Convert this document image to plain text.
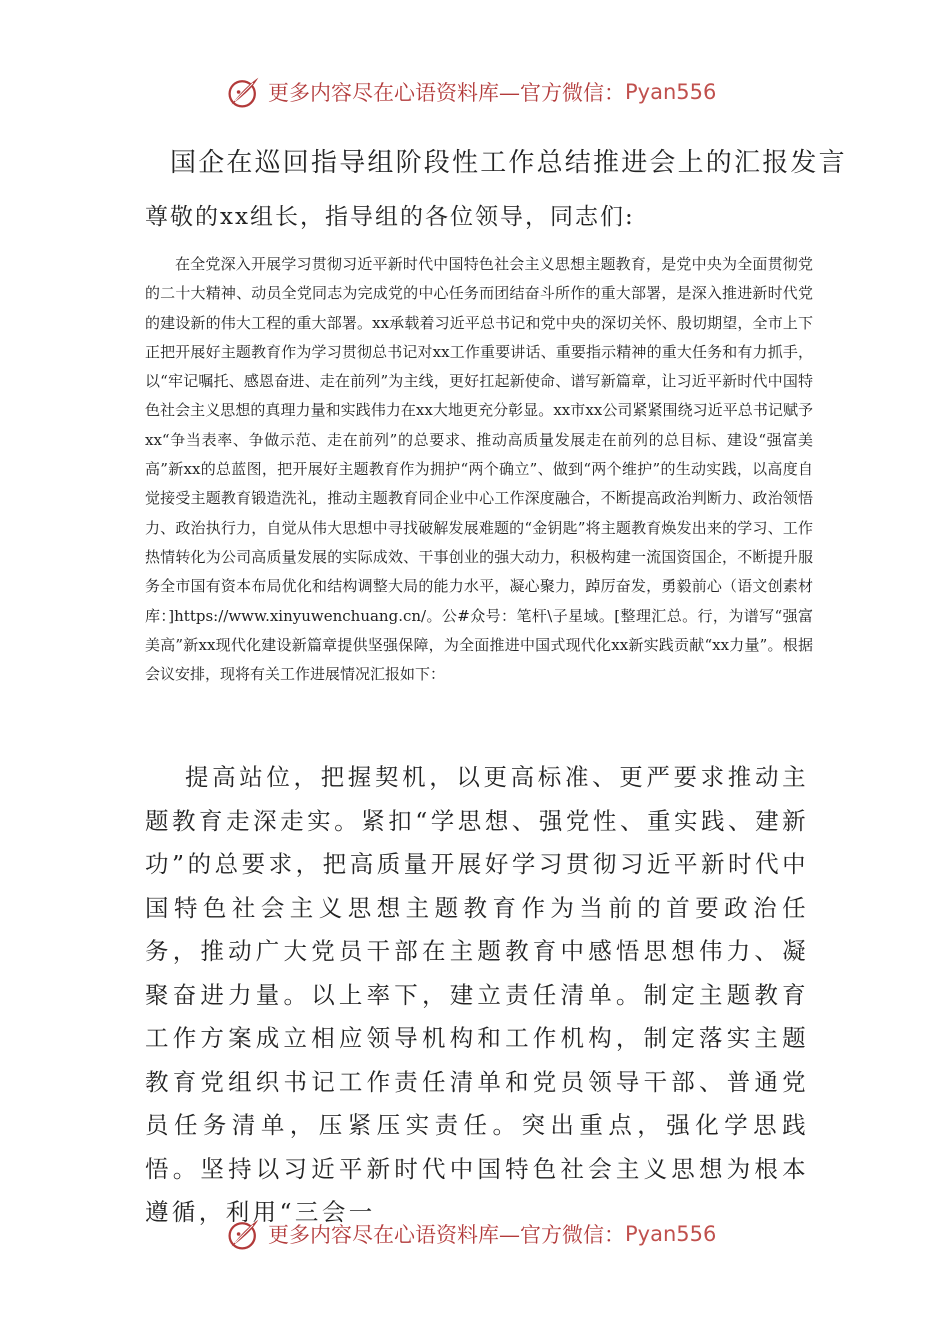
更多内容尽在心语资料库—官方微信： Pyan556
国企在巡回指导组阶段性工作总结推进会上的汇报发言
尊敬的xx组长，指导组的各位领导，同志们:

在全党深入开展学习贯彻习近平新时代中国特色社会主义思想主题教育，是党中央为全面贯彻党的二十大精神、动员全党同志为完成党的中心任务而团结奋斗所作的重大部署，是深入推进新时代党的建设新的伟大工程的重大部署。xx承载着习近平总书记和党中央的深切关怀、殷切期望，全市上下正把开展好主题教育作为学习贯彻总书记对xx工作重要讲话、重要指示精神的重大任务和有力抓手，以“牢记嘱托、感恩奋进、走在前列”为主线，更好扛起新使命、谱写新篇章，让习近平新时代中国特色社会主义思想的真理力量和实践伟力在xx大地更充分彰显。xx市xx公司紧紧围绕习近平总书记赋予xx“争当表率、争做示范、走在前列”的总要求、推动高质量发展走在前列的总目标、建设“强富美高”新xx的总蓝图，把开展好主题教育作为拥护“两个确立”、做到“两个维护”的生动实践，以高度自觉接受主题教育锻造洗礼，推动主题教育同企业中心工作深度融合，不断提高政治判断力、政治领悟力、政治执行力，自觉从伟大思想中寻找破解发展难题的“金钥匙”将主题教育焕发出来的学习、工作热情转化为公司高质量发展的实际成效、干事创业的强大动力，积极构建一流国资国企，不断提升服务全市国有资本布局优化和结构调整大局的能力水平，凝心聚力，踔厉奋发，勇毅前心（语文创素材库：]https://www.xinyuwenchuang.cn/。公#众号：笔杆\子星域。[整理汇总。行，为谱写“强富美高”新xx现代化建设新篇章提供坚强保障，为全面推进中国式现代化xx新实践贡献“xx力量”。根据会议安排，现将有关工作进展情况汇报如下：

提高站位，把握契机，以更高标准、更严要求推动主题教育走深走实。紧扣“学思想、强党性、重实践、建新功”的总要求，把高质量开展好学习贯彻习近平新时代中国特色社会主义思想主题教育作为当前的首要政治任务，推动广大党员干部在主题教育中感悟思想伟力、凝聚奋进力量。以上率下，建立责任清单。制定主题教育工作方案成立相应领导机构和工作机构，制定落实主题教育党组织书记工作责任清单和党员领导干部、普通党员任务清单，压紧压实责任。突出重点，强化学思践悟。坚持以习近平新时代中国特色社会主义思想为根本遵循，利用“三会一

更多内容尽在心语资料库—官方微信： Pyan556
